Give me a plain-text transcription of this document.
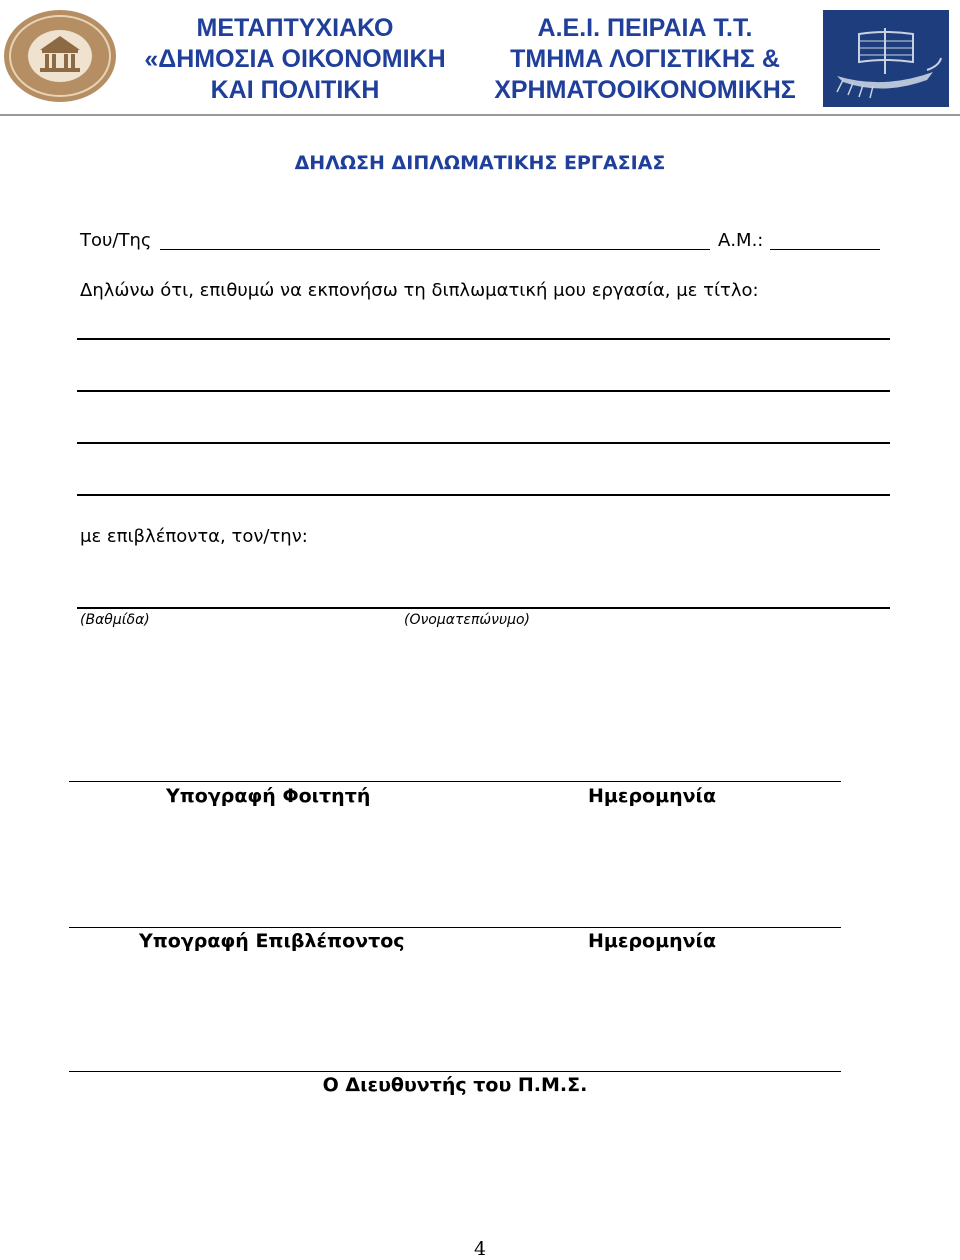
ΜΕΤΑΠΤΥΧΙΑΚΟ
«ΔΗΜΟΣΙΑ ΟΙΚΟΝΟΜΙΚΗ
ΚΑΙ ΠΟΛΙΤΙΚΗ
Α.Ε.Ι. ΠΕΙΡΑΙΑ Τ.Τ.
ΤΜΗΜΑ ΛΟΓΙΣΤΙΚΗΣ &
ΧΡΗΜΑΤΟΟΙΚΟΝΟΜΙΚΗΣ
ΔΗΛΩΣΗ ΔΙΠΛΩΜΑΤΙΚΗΣ ΕΡΓΑΣΙΑΣ
Του/Της	Α.Μ.:
Δηλώνω ότι, επιθυμώ να εκπονήσω τη διπλωματική μου εργασία, με τίτλο:
με επιβλέποντα, τον/την:
(Βαθμίδα)	(Ονοματεπώνυμο)
Υπογραφή Φοιτητή	Ημερομηνία
Υπογραφή Επιβλέποντος	Ημερομηνία
Ο Διευθυντής του Π.Μ.Σ.
4
